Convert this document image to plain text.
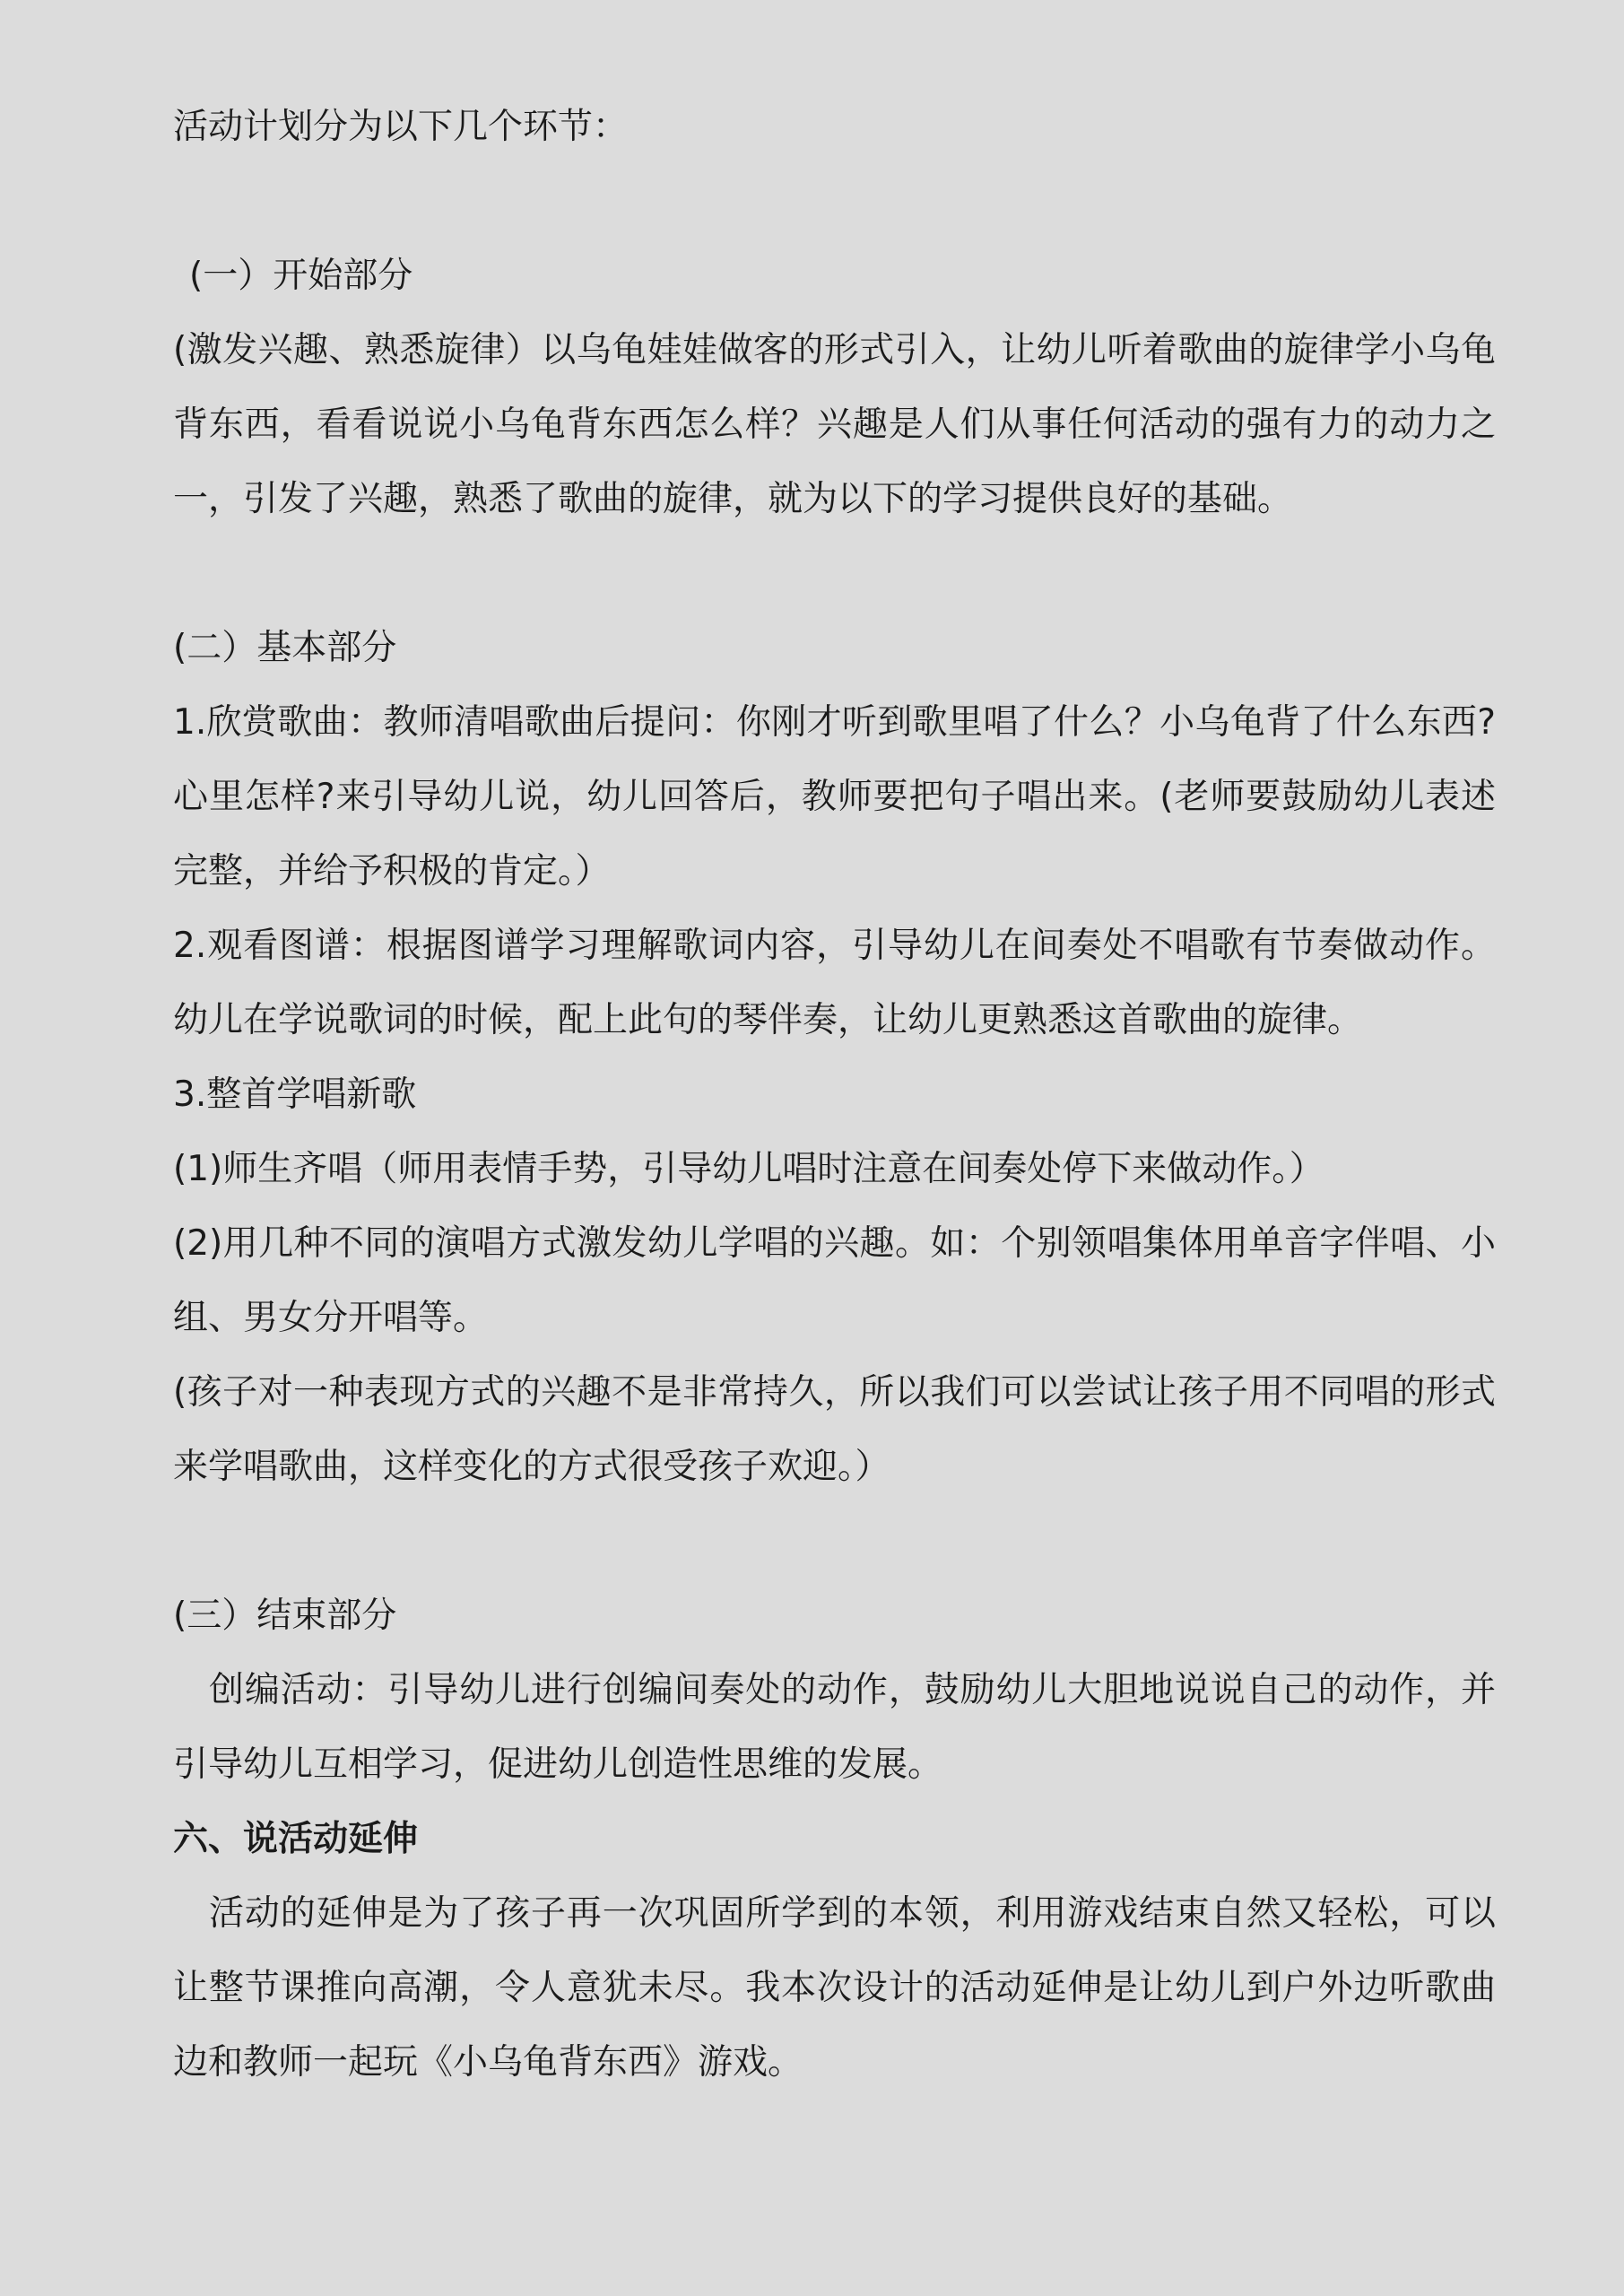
活动计划分为以下几个环节：

(一）开始部分

(激发兴趣、熟悉旋律）以乌龟娃娃做客的形式引入，让幼儿听着歌曲的旋律学小乌龟背东西，看看说说小乌龟背东西怎么样？兴趣是人们从事任何活动的强有力的动力之一，引发了兴趣，熟悉了歌曲的旋律，就为以下的学习提供良好的基础。

(二）基本部分

1.欣赏歌曲：教师清唱歌曲后提问：你刚才听到歌里唱了什么？小乌龟背了什么东西?心里怎样?来引导幼儿说，幼儿回答后，教师要把句子唱出来。(老师要鼓励幼儿表述完整，并给予积极的肯定。）

2.观看图谱：根据图谱学习理解歌词内容，引导幼儿在间奏处不唱歌有节奏做动作。幼儿在学说歌词的时候，配上此句的琴伴奏，让幼儿更熟悉这首歌曲的旋律。

3.整首学唱新歌

(1)师生齐唱（师用表情手势，引导幼儿唱时注意在间奏处停下来做动作。）

(2)用几种不同的演唱方式激发幼儿学唱的兴趣。如：个别领唱集体用单音字伴唱、小组、男女分开唱等。

(孩子对一种表现方式的兴趣不是非常持久，所以我们可以尝试让孩子用不同唱的形式来学唱歌曲，这样变化的方式很受孩子欢迎。）

(三）结束部分

创编活动：引导幼儿进行创编间奏处的动作，鼓励幼儿大胆地说说自己的动作，并引导幼儿互相学习，促进幼儿创造性思维的发展。

六、说活动延伸

活动的延伸是为了孩子再一次巩固所学到的本领，利用游戏结束自然又轻松，可以让整节课推向高潮，令人意犹未尽。我本次设计的活动延伸是让幼儿到户外边听歌曲边和教师一起玩《小乌龟背东西》游戏。
